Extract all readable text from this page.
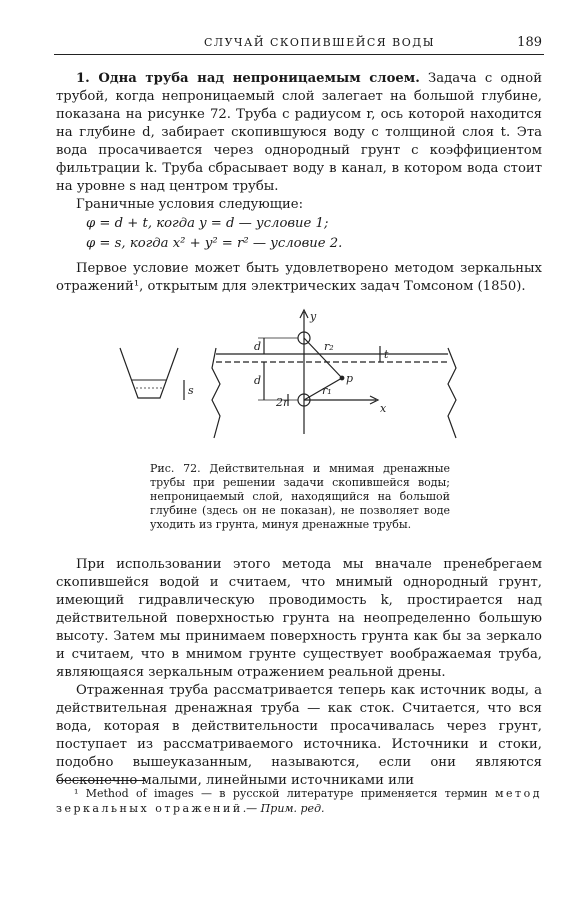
СЛУЧАЙ СКОПИВШЕЙСЯ ВОДЫ	189

1. Одна труба над непроницаемым слоем. Задача с одной трубой, когда непроницаемый слой залегает на большой глубине, показана на рисунке 72. Труба с радиусом r, ось которой находится на глубине d, забирает скопившуюся воду с толщиной слоя t. Эта вода просачивается через однородный грунт с коэффициентом фильтрации k. Труба сбрасывает воду в канал, в котором вода стоит на уровне s над центром трубы.

Граничные условия следующие:

φ = d + t, когда y = d — условие 1;
φ = s, когда x² + y² = r² — условие 2.

Первое условие может быть удовлетворено методом зеркальных отражений¹, открытым для электрических задач Томсоном (1850).

y
x
r₂
r₁
p
t
d
d
s
2r

Рис. 72. Действительная и мнимая дренажные трубы при решении задачи скопившейся воды; непроницаемый слой, находящийся на большой глубине (здесь он не показан), не позволяет воде уходить из грунта, минуя дренажные трубы.

При использовании этого метода мы вначале пренебрегаем скопившейся водой и считаем, что мнимый однородный грунт, имеющий гидравлическую проводимость k, простирается над действительной поверхностью грунта на неопределенно большую высоту. Затем мы принимаем поверхность грунта как бы за зеркало и считаем, что в мнимом грунте существует воображаемая труба, являющаяся зеркальным отражением реальной дрены.

Отраженная труба рассматривается теперь как источник воды, а действительная дренажная труба — как сток. Считается, что вся вода, которая в действительности просачивалась через грунт, поступает из рассматриваемого источника. Источники и стоки, подобно вышеуказанным, называются, если они являются бесконечно малыми, линейными источниками или

¹ Method of images — в русской литературе применяется термин метод зеркальных отражений.— Прим. ред.
